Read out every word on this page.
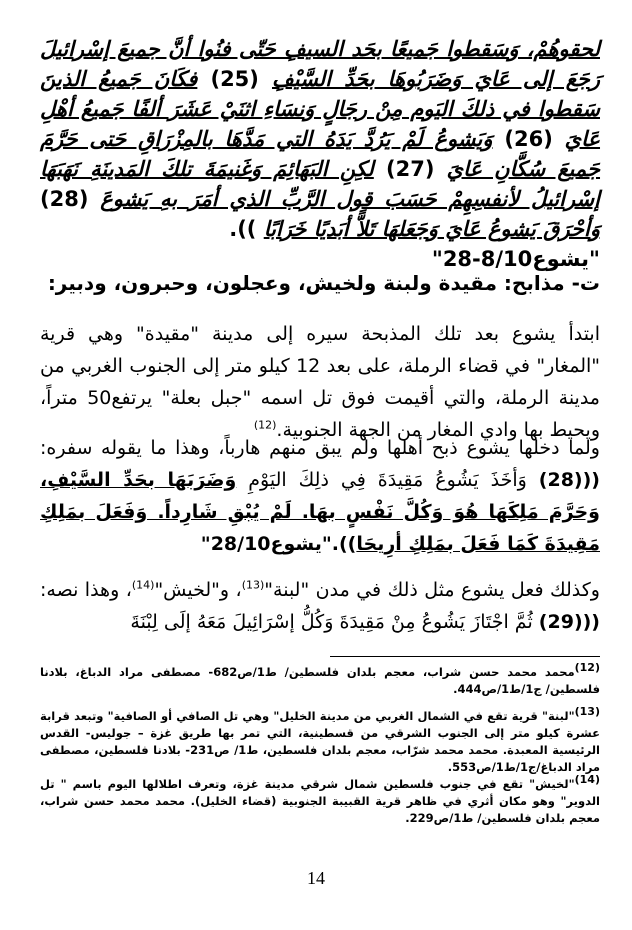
لحقوهُمْ، وَسَقطوا جَميعًا بحَد السيفِ حَتّى فنُوا أنَّ جميعَ إسْرائيلَ رَجَعَ إلى عَايَ وَضَرَبُوهَا بحَدِّ السَّيْفِ (25) فكَانَ جَميعُ الذينَ سَقطوا في ذلكَ اليَوم مِنْ رجَالٍ وَنسَاءِ اثنَيْ عَشَرَ ألفًا جَميعُ أهْلِ عَايَ (26) وَيَشوعُ لَمْ يَرُدَّ يَدَهُ التي مَدَّهَا بالمِزْرَاقِ حَتى حَرَّمَ جَميعَ سُكَّانِ عَايَ (27) لكِنِ البَهَائِمَ وَغَنيمَةَ تلكَ المَدينَةِ نَهَبَهَا إسْرائيلُ لأنفسِهِمْ حَسَبَ قول الرَّبِّ الذي أمَرَ بهِ يَشوعَ (28) وَأحْرَقَ يَشوعُ عَايَ وَجَعَلهَا تَلاًّ أبَديًا خَرَابًا )).
"يشوع8/10-28"
ت- مذابح: مقيدة ولبنة ولخيش، وعجلون، وحبرون، ودبير:
ابتدأ يشوع بعد تلك المذبحة سيره إلى مدينة "مقيدة" وهي قرية "المغار" في قضاء الرملة، على بعد 12 كيلو متر إلى الجنوب الغربي من مدينة الرملة، والتي أقيمت فوق تل اسمه "جبل بعلة" يرتفع50 متراً، ويحيط بها وادي المغار من الجهة الجنوبية.$^{(12)}$
ولما دخلها يشوع ذبح أهلها ولم يبق منهم هارباً، وهذا ما يقوله سفره: (((28) وَأخَذَ يَشُوعُ مَقِيدَةَ فِي ذلِكَ اليَوْمِ وَضَرَبَهَا بحَدِّ السَّيْفِ، وَحَرَّمَ مَلِكَهَا هُوَ وَكُلَّ نَفْسٍ بهَا. لَمْ يُبْقِ شَارِداً. وَفَعَلَ بمَلِكِ مَقِيدَةَ كَمَا فَعَلَ بمَلِكِ أرِيحَا))."يشوع28/10"
وكذلك فعل يشوع مثل ذلك في مدن "لبنة"$^{(13)}$، و"لخيش"$^{(14)}$، وهذا نصه: (((29) ثُمَّ اجْتَازَ يَشُوعُ مِنْ مَقِيدَةَ وَكُلُّ إسْرَائِيلَ مَعَهُ إلَى لِبْنَةَ
$^{(12)}$محمد محمد حسن شراب، معجم بلدان فلسطين/ ط1/ص682- مصطفى مراد الدباغ، بلادنا فلسطين/ ج1/ط1/ص444.
$^{(13)}$"لبنة" قرية تقع في الشمال الغربي من مدينة الخليل" وهي تل الصافي أو الصافية" وتبعد قرابة عشرة كيلو متر إلى الجنوب الشرقي من قسطينية، التي تمر بها طريق غزة – جوليس- القدس الرئيسية المعبدة. محمد محمد شرّاب، معجم بلدان فلسطين، ط1/ ص231- بلادنا فلسطين، مصطفى مراد الدباغ/ج1/ط1/ص553.
$^{(14)}$"لخيش" تقع في جنوب فلسطين شمال شرقي مدينة غزة، وتعرف اطلالها اليوم باسم " تل الدوير" وهو مكان أثري في ظاهر قرية القبيبة الجنوبية (قضاء الخليل). محمد محمد حسن شراب، معجم بلدان فلسطين/ ط1/ص229.
14
